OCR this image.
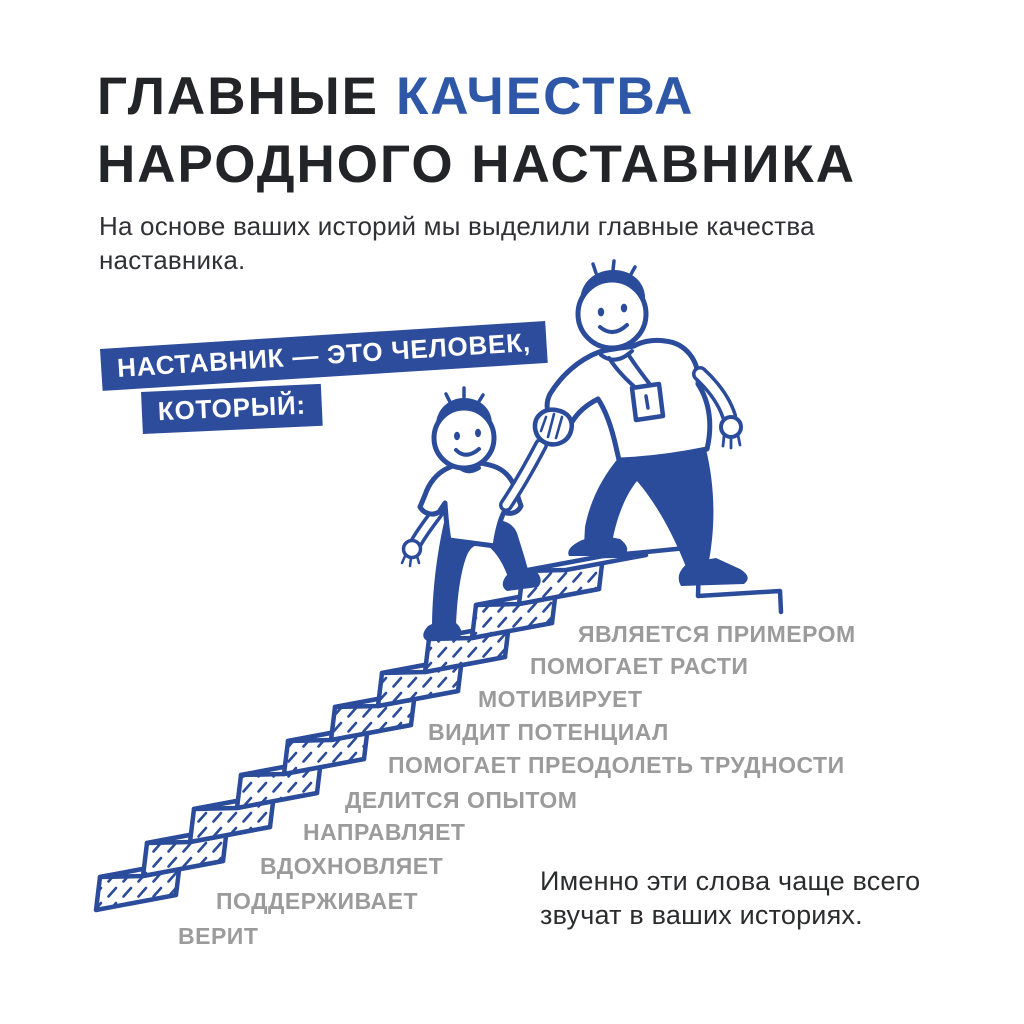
ГЛАВНЫЕ КАЧЕСТВА
НАРОДНОГО НАСТАВНИКА

На основе ваших историй мы выделили главные качества наставника.

НАСТАВНИК — ЭТО ЧЕЛОВЕК,
КОТОРЫЙ:
ЯВЛЯЕТСЯ ПРИМЕРОМ
ПОМОГАЕТ РАСТИ
МОТИВИРУЕТ
ВИДИТ ПОТЕНЦИАЛ
ПОМОГАЕТ ПРЕОДОЛЕТЬ ТРУДНОСТИ
ДЕЛИТСЯ ОПЫТОМ
НАПРАВЛЯЕТ
ВДОХНОВЛЯЕТ
ПОДДЕРЖИВАЕТ
ВЕРИТ

Именно эти слова чаще всего звучат в ваших историях.
